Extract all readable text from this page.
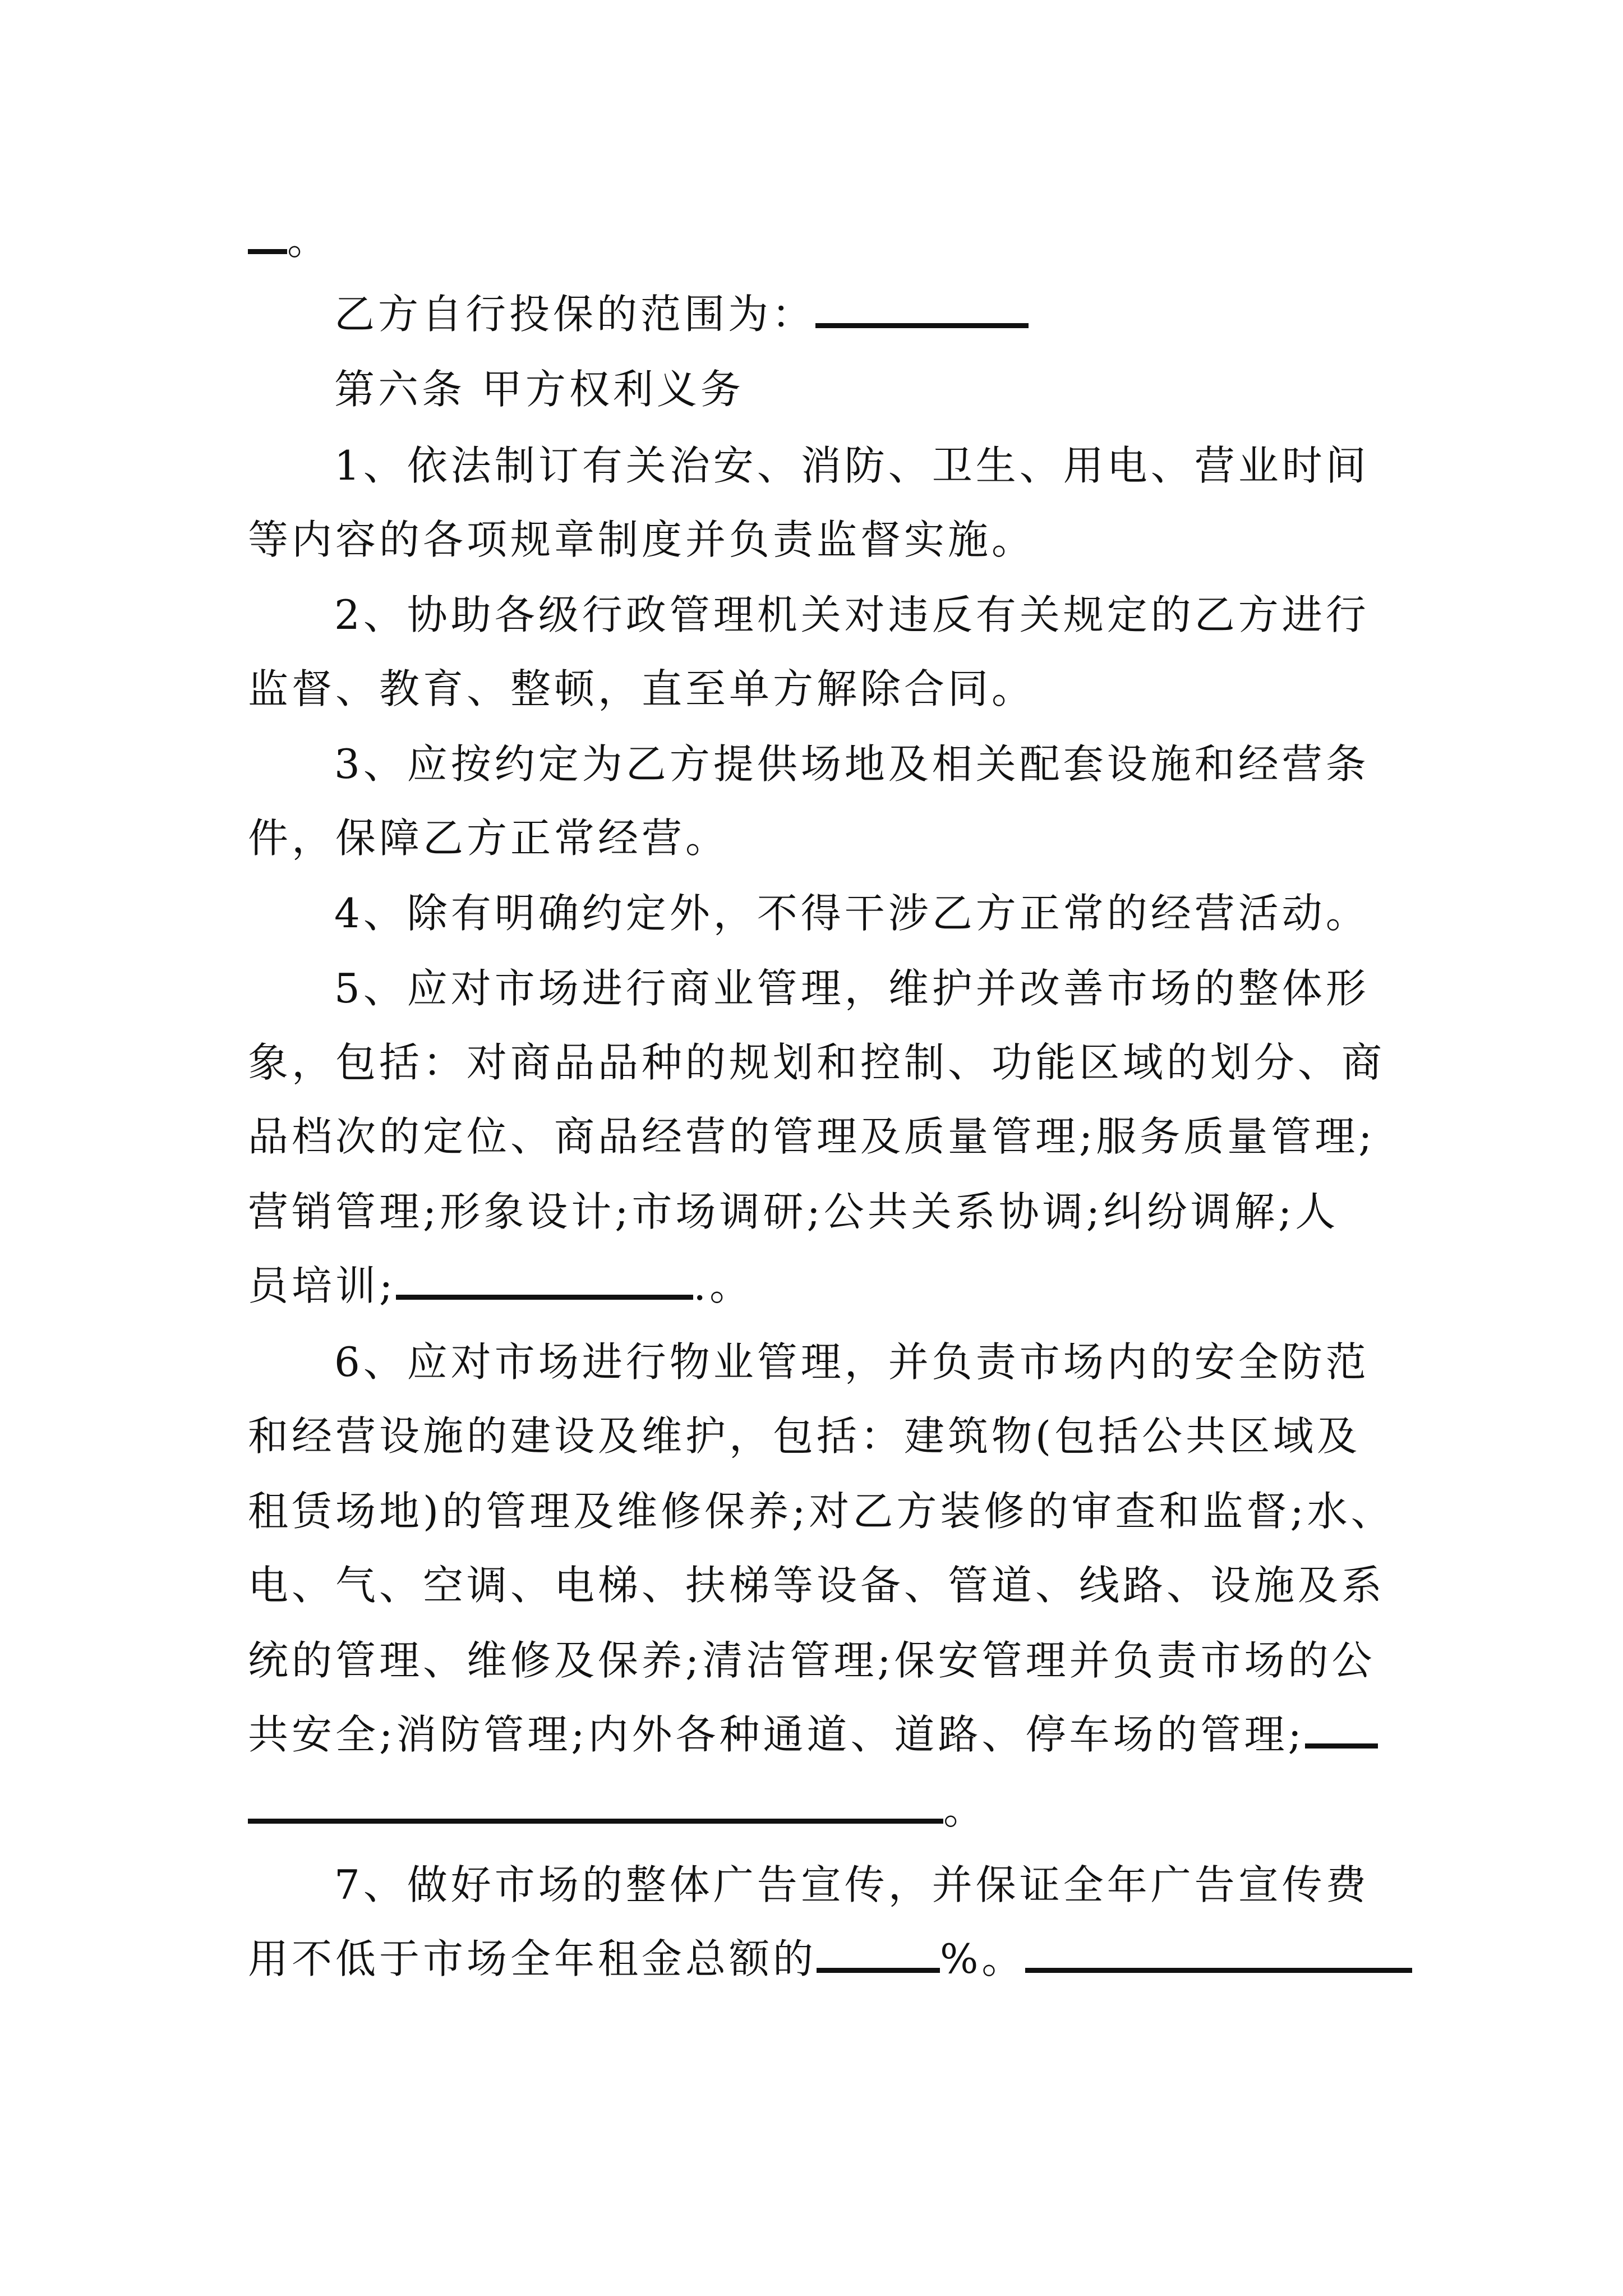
。
乙方自行投保的范围为：
第六条 甲方权利义务
1、依法制订有关治安、消防、卫生、用电、营业时间
等内容的各项规章制度并负责监督实施。
2、协助各级行政管理机关对违反有关规定的乙方进行
监督、教育、整顿，直至单方解除合同。
3、应按约定为乙方提供场地及相关配套设施和经营条
件，保障乙方正常经营。
4、除有明确约定外，不得干涉乙方正常的经营活动。
5、应对市场进行商业管理，维护并改善市场的整体形
象，包括：对商品品种的规划和控制、功能区域的划分、商
品档次的定位、商品经营的管理及质量管理;服务质量管理;
营销管理;形象设计;市场调研;公共关系协调;纠纷调解;人
员培训;	.。
6、应对市场进行物业管理，并负责市场内的安全防范
和经营设施的建设及维护，包括：建筑物(包括公共区域及
租赁场地)的管理及维修保养;对乙方装修的审查和监督;水、
电、气、空调、电梯、扶梯等设备、管道、线路、设施及系
统的管理、维修及保养;清洁管理;保安管理并负责市场的公
共安全;消防管理;内外各种通道、道路、停车场的管理;
。
7、做好市场的整体广告宣传，并保证全年广告宣传费
用不低于市场全年租金总额的	%。
